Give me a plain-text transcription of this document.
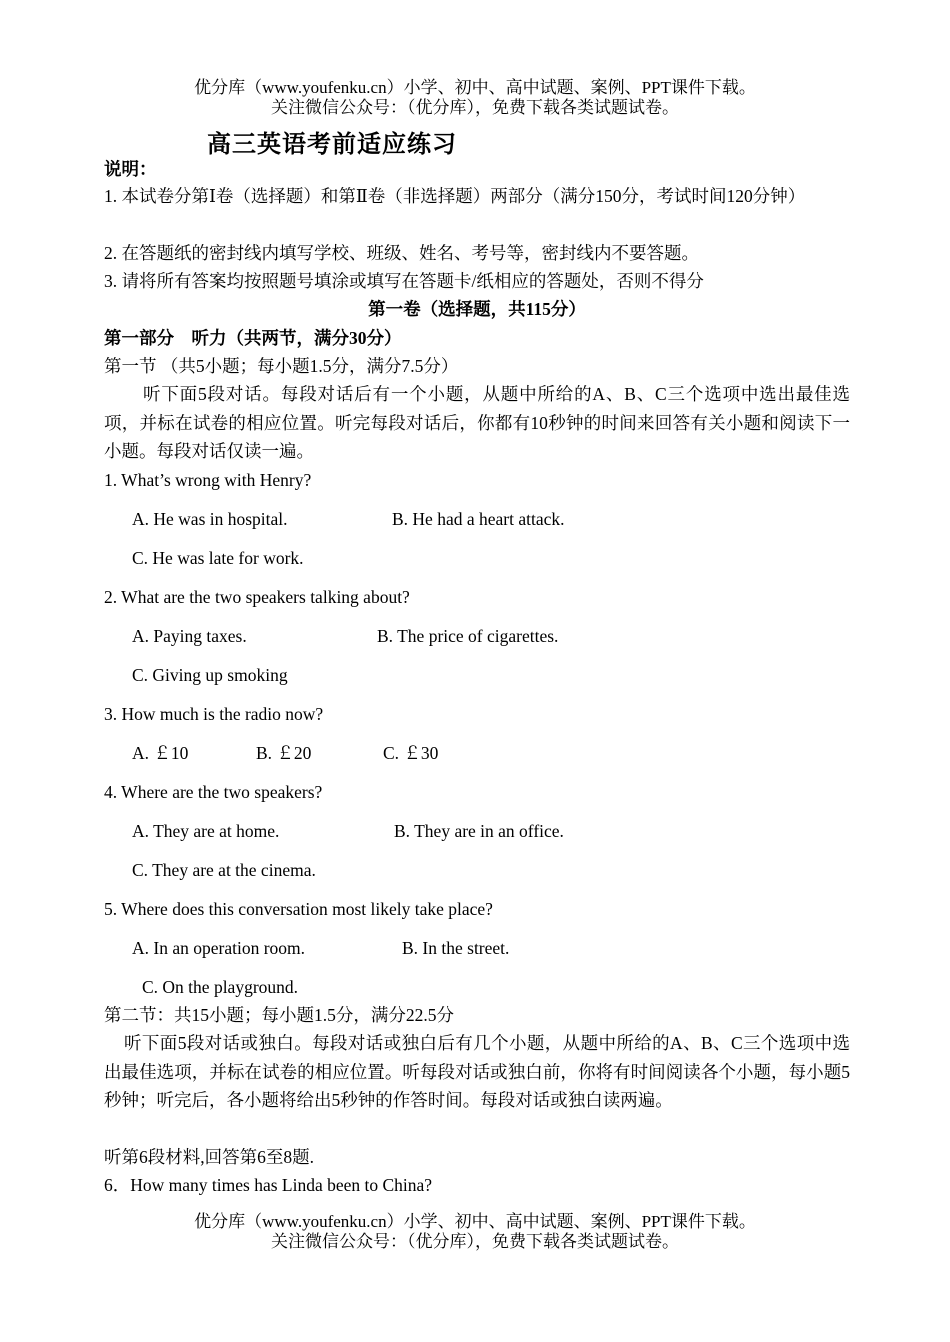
优分库（www.youfenku.cn）小学、初中、高中试题、案例、PPT课件下载。
关注微信公众号：（优分库），免费下载各类试题试卷。
高三英语考前适应练习
说明：
1. 本试卷分第Ⅰ卷（选择题）和第Ⅱ卷（非选择题）两部分（满分150分，考试时间120分钟）
2. 在答题纸的密封线内填写学校、班级、姓名、考号等，密封线内不要答题。
3. 请将所有答案均按照题号填涂或填写在答题卡/纸相应的答题处，否则不得分
第一卷（选择题，共115分）
第一部分　听力（共两节，满分30分）
第一节 （共5小题；每小题1.5分，满分7.5分）
听下面5段对话。每段对话后有一个小题，从题中所给的A、B、C三个选项中选出最佳选项，并标在试卷的相应位置。听完每段对话后，你都有10秒钟的时间来回答有关小题和阅读下一小题。每段对话仅读一遍。
1. What’s wrong with Henry?
A. He was in hospital.	B. He had a heart attack.
C. He was late for work.
2. What are the two speakers talking about?
A. Paying taxes.	B. The price of cigarettes.
C. Giving up smoking
3. How much is the radio now?
A. ￡10	B. ￡20	C. ￡30
4. Where are the two speakers?
A. They are at home.	B. They are in an office.
C. They are at the cinema.
5. Where does this conversation most likely take place?
A. In an operation room.	B. In the street.
C. On the playground.
第二节：共15小题；每小题1.5分，满分22.5分
听下面5段对话或独白。每段对话或独白后有几个小题，从题中所给的A、B、C三个选项中选出最佳选项，并标在试卷的相应位置。听每段对话或独白前，你将有时间阅读各个小题，每小题5秒钟；听完后，各小题将给出5秒钟的作答时间。每段对话或独白读两遍。
听第6段材料,回答第6至8题.
6．How many times has Linda been to China?
优分库（www.youfenku.cn）小学、初中、高中试题、案例、PPT课件下载。
关注微信公众号：（优分库），免费下载各类试题试卷。
